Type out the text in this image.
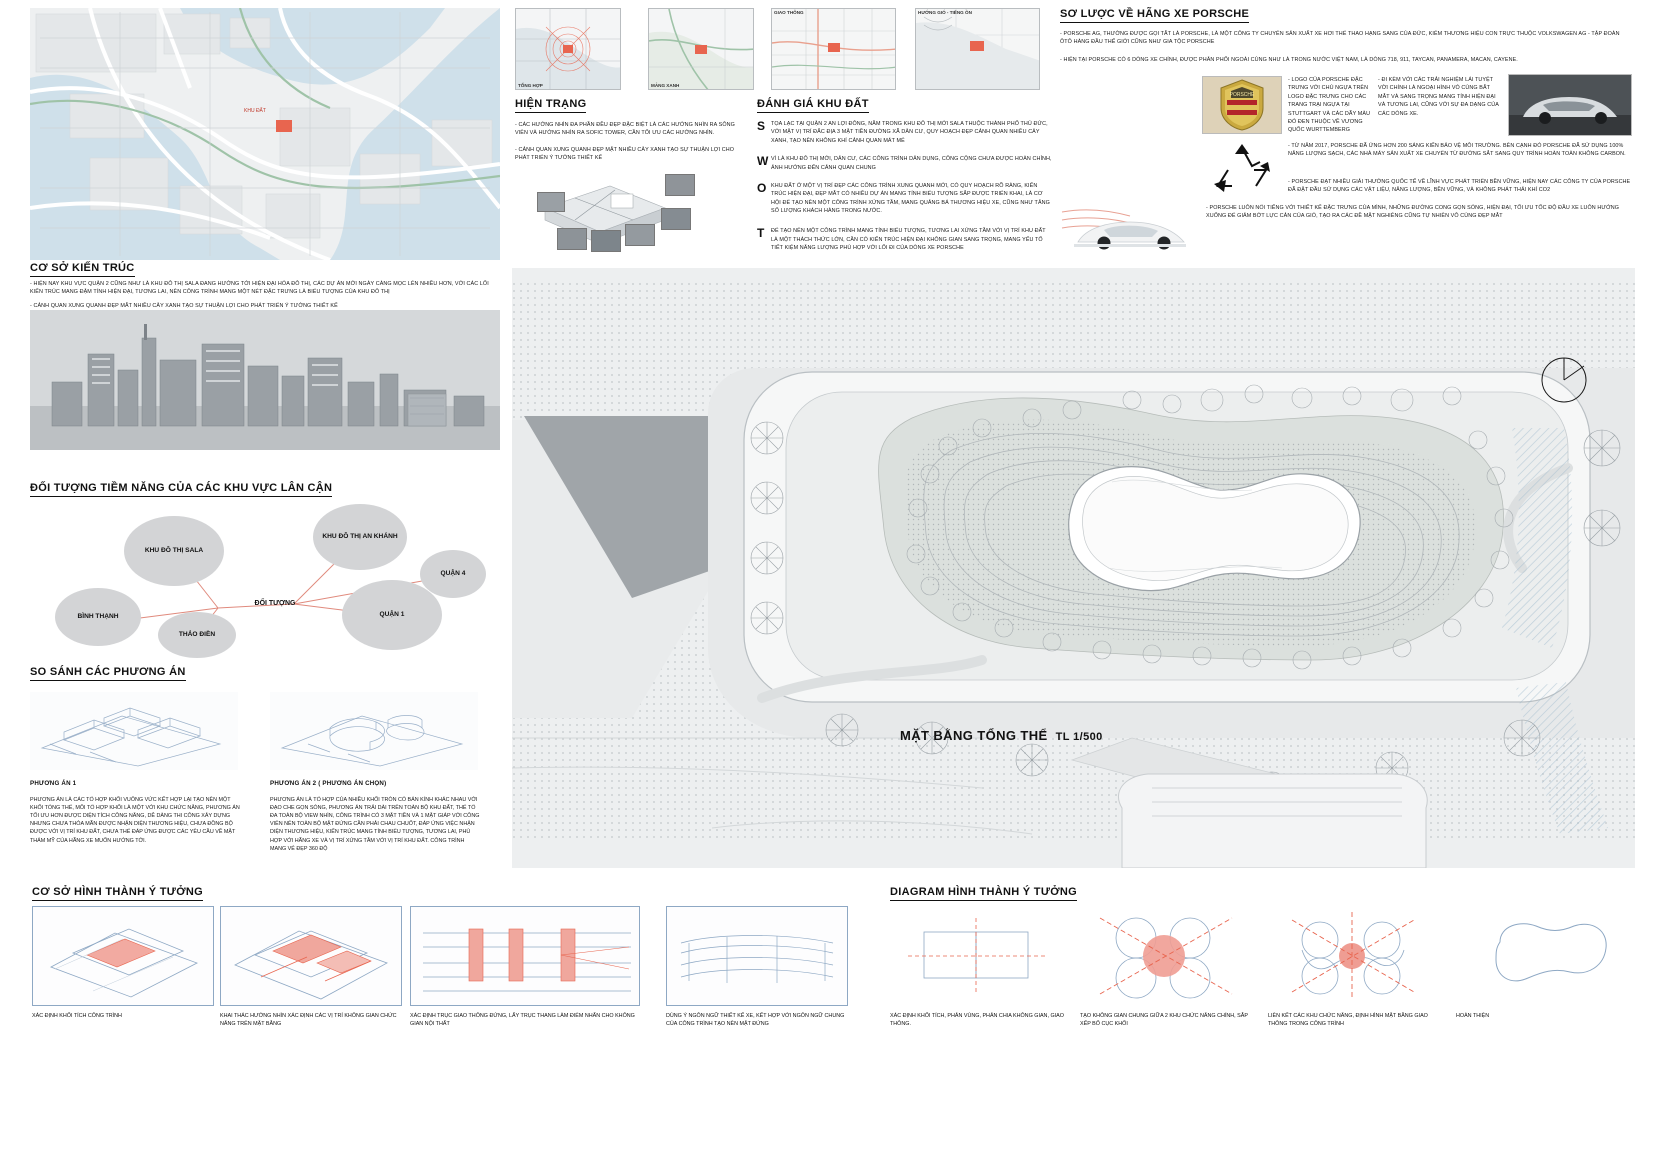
KHU ĐẤT
TỔNG HỢP	MẢNG XANH
- CÁC HƯỚNG NHÌN ĐA PHẦN ĐỀU ĐẸP ĐẶC BIỆT LÀ CÁC HƯỚNG NHÌN RA SÔNG VIÊN VÀ HƯỚNG NHÌN RA SOFIC TOWER, CẦN TỐI ƯU CÁC HƯỚNG NHÌN.
- CẢNH QUAN XUNG QUANH ĐẸP MẶT NHIỀU CÂY XANH TẠO SỰ THUẬN LỢI CHO PHÁT TRIỂN Ý TƯỞNG THIẾT KẾ
HIỆN TRẠNG
GIAO THÔNG	HƯỚNG GIÓ - TIẾNG ỒN
ĐÁNH GIÁ KHU ĐẤT
S	TỌA LẠC TẠI QUẬN 2 AN LỢI ĐÔNG, NẰM TRONG KHU ĐÔ THỊ MỚI SALA THUỘC THÀNH PHỐ THỦ ĐỨC, VỚI MẶT VỊ TRÍ ĐẮC ĐỊA 3 MẶT TIỀN ĐƯỜNG XÃ DÂN CƯ, QUY HOẠCH ĐẸP CẢNH QUAN NHIỀU CÂY XANH, TẠO NÊN KHÔNG KHÍ CẢNH QUAN MÁT MẺ
W VÌ LÀ KHU ĐÔ THỊ MỚI, DÂN CƯ, CÁC CÔNG TRÌNH DÂN DỤNG, CÔNG CỘNG CHƯA ĐƯỢC HOÀN CHỈNH, ẢNH HƯỞNG ĐẾN CẢNH QUAN CHUNG
O KHU ĐẤT Ở MỘT VỊ TRÍ ĐẸP CÁC CÔNG TRÌNH XUNG QUANH MỚI, CÓ QUY HOẠCH RÕ RÀNG, KIẾN TRÚC HIỆN ĐẠI, ĐẸP MẮT CÓ NHIỀU DỰ ÁN MANG TÍNH BIỂU TƯỢNG SẮP ĐƯỢC TRIỂN KHAI, LÀ CƠ HỘI ĐỂ TẠO NÊN MỘT CÔNG TRÌNH XỨNG TẦM, MANG QUẢNG BÁ THƯƠNG HIỆU XE, CŨNG NHƯ TĂNG SỐ LƯỢNG KHÁCH HÀNG TRONG NƯỚC.
T	ĐỂ TẠO NÊN MỘT CÔNG TRÌNH MANG TÍNH BIỂU TƯỢNG, TƯƠNG LAI XỨNG TẦM VỚI VỊ TRÍ KHU ĐẤT LÀ MỘT THÁCH THỨC LỚN, CẦN CÓ KIẾN TRÚC HIỆN ĐẠI KHÔNG GIAN SANG TRỌNG, MANG YẾU TỐ TIẾT KIỆM NĂNG LƯỢNG PHÙ HỢP VỚI LỐI ĐI CỦA DÒNG XE PORSCHE
SƠ LƯỢC VỀ HÃNG XE PORSCHE
- PORSCHE AG, THƯỜNG ĐƯỢC GỌI TẮT LÀ PORSCHE, LÀ MỘT CÔNG TY CHUYÊN SẢN XUẤT XE HƠI THỂ THAO HẠNG SANG CỦA ĐỨC, KIÊM THƯƠNG HIỆU CON TRỰC THUỘC VOLKSWAGEN AG - TẬP ĐOÀN ÔTÔ HÀNG ĐẦU THẾ GIỚI CŨNG NHƯ GIA TỘC PORSCHE
- HIỆN TẠI PORSCHE CÓ 6 DÒNG XE CHÍNH, ĐƯỢC PHÂN PHỐI NGOÀI CÙNG NHƯ LÀ TRONG NƯỚC VIỆT NAM, LÀ DÒNG 718, 911, TAYCAN, PANAMERA, MACAN, CAYENE.
PORSCHE
- LOGO CỦA PORSCHE ĐẶC TRƯNG VỚI CHÚ NGỰA TRÊN LOGO ĐẶC TRƯNG CHO CÁC TRANG TRẠI NGỰA TẠI STUTTGART VÀ CÁC DÃY MÀU ĐỎ ĐEN THUỘC VỀ VƯƠNG QUỐC WURTTEMBERG
- ĐI KÈM VỚI CÁC TRẢI NGHIỆM LÁI TUYỆT VỜI CHÍNH LÀ NGOẠI HÌNH VỎ CÙNG BẮT MẮT VÀ SANG TRỌNG MANG TÍNH HIỆN ĐẠI VÀ TƯƠNG LAI, CŨNG VỚI SỰ ĐA DẠNG CỦA CÁC DÒNG XE.
- TỪ NĂM 2017, PORSCHE ĐÃ ỨNG HƠN 200 SÁNG KIẾN BẢO VỆ MÔI TRƯỜNG. BÊN CẠNH ĐÓ PORSCHE ĐÃ SỬ DỤNG 100% NĂNG LƯỢNG SẠCH, CÁC NHÀ MÁY SẢN XUẤT XE CHUYỂN TỪ ĐƯỜNG SẮT SANG QUY TRÌNH HOÀN TOÀN KHÔNG CARBON.
- PORSCHE ĐẠT NHIỀU GIẢI THƯỞNG QUỐC TẾ VỀ LĨNH VỰC PHÁT TRIỂN BỀN VỮNG, HIỆN NAY CÁC CÔNG TY CỦA PORSCHE ĐÃ ĐẶT ĐẦU SỬ DỤNG CÁC VẬT LIỆU, NĂNG LƯỢNG, BỀN VỮNG, VÀ KHÔNG PHÁT THẢI KHÍ CO2
- PORSCHE LUÔN NỔI TIẾNG VỚI THIẾT KẾ ĐẶC TRƯNG CỦA MÌNH, NHỮNG ĐƯỜNG CONG GỌN SÓNG, HIỆN ĐẠI, TỐI ƯU TỐC ĐỘ ĐẦU XE LUÔN HƯỚNG XUỐNG ĐỂ GIẢM BỚT LỰC CẢN CỦA GIÓ, TẠO RA CÁC ĐỀ MẶT NGHIÊNG CŨNG TỰ NHIÊN VÔ CÙNG ĐẸP MẮT
CƠ SỞ KIẾN TRÚC
- HIỆN NAY KHU VỰC QUẬN 2 CŨNG NHƯ LÀ KHU ĐÔ THỊ SALA ĐANG HƯỚNG TỚI HIỆN ĐẠI HÓA ĐÔ THỊ, CÁC DỰ ÁN MỚI NGÀY CÀNG MỌC LÊN NHIỀU HƠN, VỚI CÁC LỐI KIẾN TRÚC MANG ĐẬM TÍNH HIỆN ĐẠI, TƯƠNG LAI, NÊN CÔNG TRÌNH MANG MỘT NÉT ĐẶC TRƯNG LÀ BIỂU TƯỢNG CỦA KHU ĐÔ THỊ
- CẢNH QUAN XUNG QUANH ĐẸP MẮT NHIỀU CÂY XANH TẠO SỰ THUẬN LỢI CHO PHÁT TRIỂN Ý TƯỞNG THIẾT KẾ
ĐỐI TƯỢNG TIỀM NĂNG CỦA CÁC KHU VỰC LÂN CẬN
KHU ĐÔ THỊ SALA
KHU ĐÔ THỊ AN KHÁNH
QUẬN 4
BÌNH THẠNH
THẢO ĐIỀN
QUẬN 1
ĐỐI TƯỢNG
SO SÁNH CÁC PHƯƠNG ÁN
PHƯƠNG ÁN 1	PHƯƠNG ÁN 2 ( PHƯƠNG ÁN CHỌN)
PHƯƠNG ÁN LÀ CÁC TỔ HỢP KHỐI VUÔNG VỨC KẾT HỢP LẠI TẠO NÊN MỘT KHỐI TỔNG THỂ, MỖI TỔ HỢP KHỐI LÀ MỘT VỚI KHU CHỨC NĂNG, PHƯƠNG ÁN TỐI ƯU HƠN ĐƯỢC DIỆN TÍCH CÔNG NĂNG, DỄ DÀNG THI CÔNG XÂY DỰNG NHƯNG CHƯA THỎA MÃN ĐƯỢC NHẬN DIỆN THƯƠNG HIỆU, CHƯA ĐỒNG BỘ ĐƯỢC VỚI VỊ TRÍ KHU ĐẤT, CHƯA THỂ ĐÁP ỨNG ĐƯỢC CÁC YÊU CẦU VỀ MẶT THẨM MỸ CỦA HÃNG XE MUỐN HƯỚNG TỚI.
PHƯƠNG ÁN LÀ TỔ HỢP CỦA NHIỀU KHỐI TRÒN CÓ BÁN KÍNH KHÁC NHAU VỚI ĐẠO CHE GỌN SÓNG, PHƯƠNG ÁN TRẢI DÀI TRÊN TOÀN BỘ KHU ĐẤT, THỂ TỔ ĐA TOÀN BỘ VIEW NHÌN, CÔNG TRÌNH CÓ 3 MẶT TIỀN VÀ 1 MẶT GIÁP VỚI CÔNG VIÊN NÊN TOÀN BỘ MẶT ĐỨNG CẦN PHẢI CHAU CHUỐT, ĐÁP ỨNG VIỆC NHẬN DIỆN THƯƠNG HIỆU, KIẾN TRÚC MANG TÍNH BIỂU TƯỢNG, TƯƠNG LAI, PHÙ HỢP VỚI HÃNG XE VÀ VỊ TRÍ XỨNG TẦM VỚI VỊ TRÍ KHU ĐẤT. CÔNG TRÌNH MANG VẺ ĐẸP 360 ĐỘ
MẶT BẰNG TỔNG THỂ TL 1/500
CƠ SỞ HÌNH THÀNH Ý TƯỞNG	DIAGRAM HÌNH THÀNH Ý TƯỞNG
XÁC ĐỊNH KHỐI TÍCH CÔNG TRÌNH	KHAI THÁC HƯỚNG NHÌN XÁC ĐỊNH CÁC VỊ TRÍ KHÔNG GIAN CHỨC NĂNG TRÊN MẶT BẰNG
XÁC ĐỊNH TRỤC GIAO THÔNG ĐỨNG, LẤY TRỤC THANG LÀM ĐIỂM NHẤN CHO KHÔNG GIAN NỘI THẤT
DÙNG Ý NGÔN NGỮ THIẾT KẾ XE, KẾT HỢP VỚI NGÔN NGỮ CHUNG CỦA CÔNG TRÌNH TẠO NÊN MẶT ĐỨNG
XÁC ĐỊNH KHỐI TÍCH, PHÂN VÙNG, PHÂN CHIA KHÔNG GIAN, GIAO THÔNG.
TẠO KHÔNG GIAN CHUNG GIỮA 2 KHU CHỨC NĂNG CHÍNH, SẮP XẾP BỐ CỤC KHỐI
LIÊN KẾT CÁC KHU CHỨC NĂNG, ĐỊNH HÌNH MẶT BẰNG GIAO THÔNG TRONG CÔNG TRÌNH
HOÀN THIỆN
